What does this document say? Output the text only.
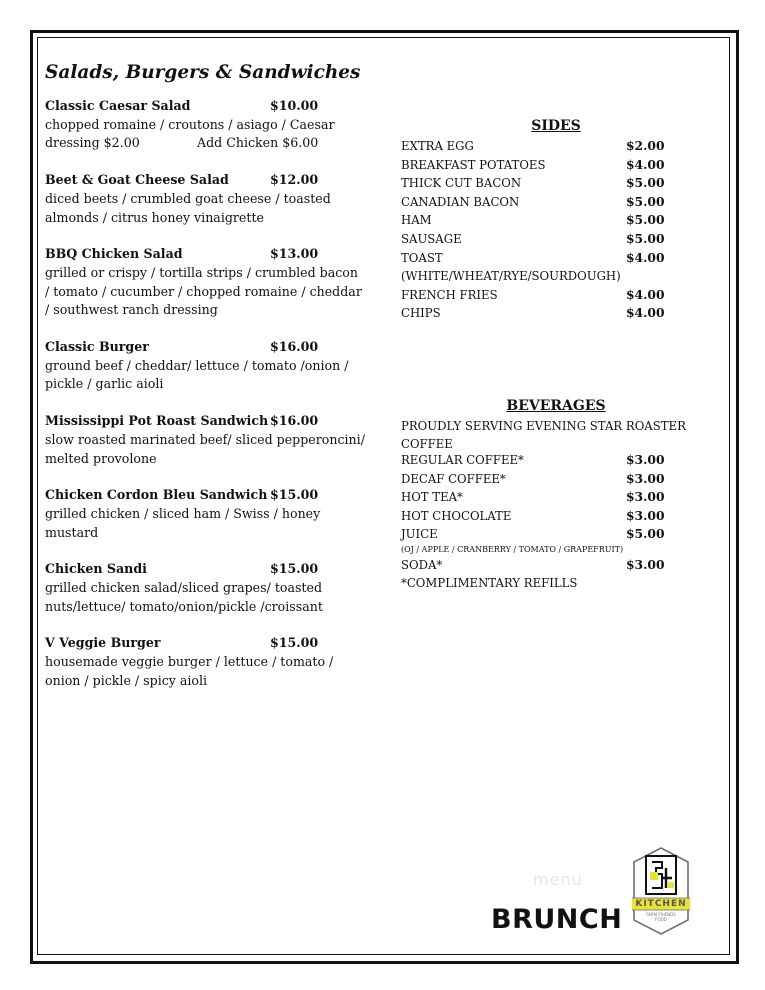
Salads, Burgers & Sandwiches
Classic Caesar Salad	$10.00
chopped romaine / croutons / asiago / Caesar
dressing $2.00	Add Chicken $6.00
Beet & Goat Cheese Salad	$12.00
diced beets / crumbled goat cheese / toasted almonds / citrus honey vinaigrette
BBQ Chicken Salad	$13.00
grilled or crispy / tortilla strips / crumbled bacon / tomato / cucumber / chopped romaine / cheddar / southwest ranch dressing
Classic Burger	$16.00
ground beef / cheddar/ lettuce / tomato /onion / pickle / garlic aioli
Mississippi Pot Roast Sandwich $16.00
slow roasted marinated beef/ sliced pepperoncini/ melted provolone
Chicken Cordon Bleu Sandwich $15.00
grilled chicken / sliced ham / Swiss / honey mustard
Chicken Sandi	$15.00
grilled chicken salad/sliced grapes/ toasted nuts/lettuce/ tomato/onion/pickle /croissant
V Veggie Burger	$15.00
housemade veggie burger / lettuce / tomato / onion / pickle / spicy aioli
SIDES
EXTRA EGG	$2.00
BREAKFAST POTATOES	$4.00
THICK CUT BACON	$5.00
CANADIAN BACON	$5.00
HAM	$5.00
SAUSAGE	$5.00
TOAST	$4.00
(WHITE/WHEAT/RYE/SOURDOUGH)
FRENCH FRIES	$4.00
CHIPS	$4.00
BEVERAGES
PROUDLY SERVING EVENING STAR ROASTER COFFEE
REGULAR COFFEE*	$3.00
DECAF COFFEE*	$3.00
HOT TEA*	$3.00
HOT CHOCOLATE	$3.00
JUICE	$5.00
(OJ / APPLE / CRANBERRY / TOMATO / GRAPEFRUIT)
SODA*	$3.00
*COMPLIMENTARY REFILLS
menu
BRUNCH	KITCHEN
FARM FRIENDS FOOD
